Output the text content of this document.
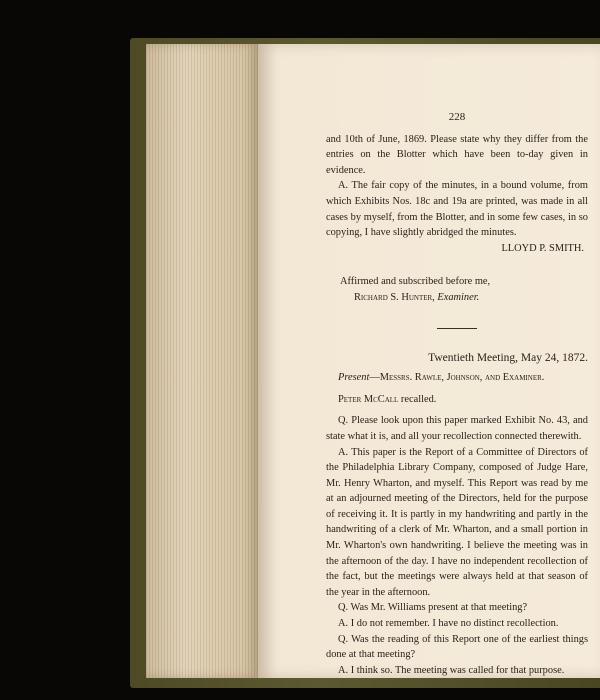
228

and 10th of June, 1869. Please state why they differ from the entries on the Blotter which have been to-day given in evidence.

A. The fair copy of the minutes, in a bound volume, from which Exhibits Nos. 18c and 19a are printed, was made in all cases by myself, from the Blotter, and in some few cases, in so copying, I have slightly abridged the minutes.

LLOYD P. SMITH.

Affirmed and subscribed before me,
Richard S. Hunter, Examiner.
Twentieth Meeting, May 24, 1872.

Present—Messrs. Rawle, Johnson, and Examiner.

Peter McCall recalled.

Q. Please look upon this paper marked Exhibit No. 43, and state what it is, and all your recollection connected therewith.

A. This paper is the Report of a Committee of Directors of the Philadelphia Library Company, composed of Judge Hare, Mr. Henry Wharton, and myself. This Report was read by me at an adjourned meeting of the Directors, held for the purpose of receiving it. It is partly in my handwriting and partly in the handwriting of a clerk of Mr. Wharton, and a small portion in Mr. Wharton's own handwriting. I believe the meeting was in the afternoon of the day. I have no independent recollection of the fact, but the meetings were always held at that season of the year in the afternoon.

Q. Was Mr. Williams present at that meeting?

A. I do not remember. I have no distinct recollection.

Q. Was the reading of this Report one of the earliest things done at that meeting?

A. I think so. The meeting was called for that purpose.
